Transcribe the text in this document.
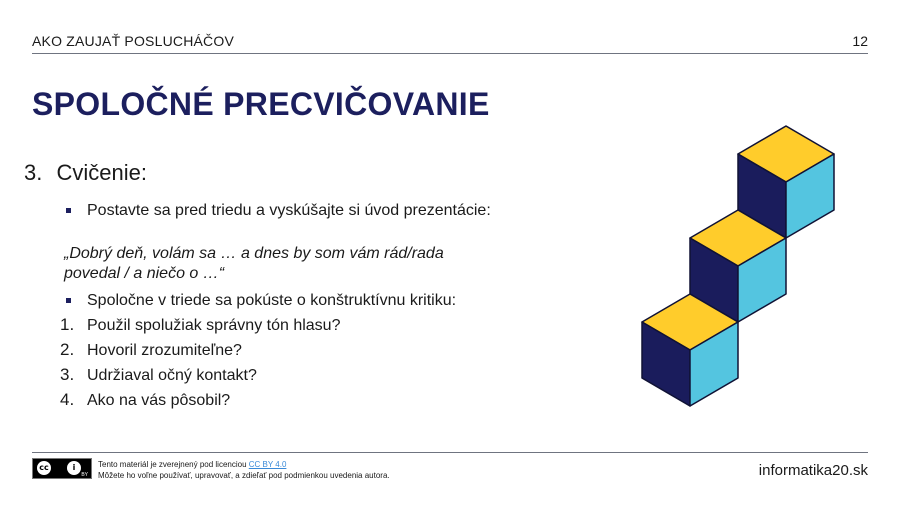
AKO ZAUJAŤ POSLUCHÁČOV	12
SPOLOČNÉ PRECVIČOVANIE
3. Cvičenie:
Postavte sa pred triedu a vyskúšajte si úvod prezentácie:
„Dobrý deň, volám sa … a dnes by som vám rád/rada povedal / a niečo o …“
Spoločne v triede sa pokúste o konštruktívnu kritiku:
1. Použil spolužiak správny tón hlasu?
2. Hovoril zrozumiteľne?
3. Udržiaval očný kontakt?
4. Ako na vás pôsobil?
cc	i
BY
Tento materiál je zverejnený pod licenciou CC BY 4.0
Môžete ho voľne používať, upravovať, a zdieľať pod podmienkou uvedenia autora.	informatika20.sk
